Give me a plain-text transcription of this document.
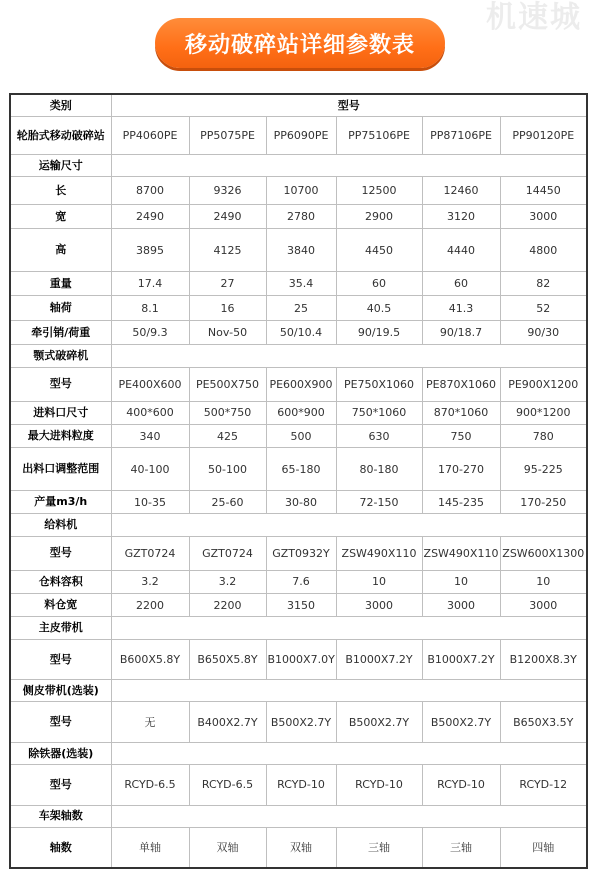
机速城
移动破碎站详细参数表
类别	型号					
轮胎式移动破碎站	PP4060PE	PP5075PE	PP6090PE	PP75106PE	PP87106PE	PP90120PE
运输尺寸						
长	8700	9326	10700	12500	12460	14450
宽	2490	2490	2780	2900	3120	3000
高	3895	4125	3840	4450	4440	4800
重量	17.4	27	35.4	60	60	82
轴荷	8.1	16	25	40.5	41.3	52
牵引销/荷重	50/9.3	Nov-50	50/10.4	90/19.5	90/18.7	90/30
颚式破碎机						
型号	PE400X600	PE500X750	PE600X900	PE750X1060	PE870X1060	PE900X1200
进料口尺寸	400*600	500*750	600*900	750*1060	870*1060	900*1200
最大进料粒度	340	425	500	630	750	780
出料口调整范围	40-100	50-100	65-180	80-180	170-270	95-225
产量m3/h	10-35	25-60	30-80	72-150	145-235	170-250
给料机						
型号	GZT0724	GZT0724	GZT0932Y	ZSW490X110	ZSW490X110	ZSW600X1300
仓料容积	3.2	3.2	7.6	10	10	10
料仓宽	2200	2200	3150	3000	3000	3000
主皮带机						
型号	B600X5.8Y	B650X5.8Y	B1000X7.0Y	B1000X7.2Y	B1000X7.2Y	B1200X8.3Y
侧皮带机(选装)						
型号	无	B400X2.7Y	B500X2.7Y	B500X2.7Y	B500X2.7Y	B650X3.5Y
除铁器(选装)						
型号	RCYD-6.5	RCYD-6.5	RCYD-10	RCYD-10	RCYD-10	RCYD-12
车架轴数						
轴数	单轴	双轴	双轴	三轴	三轴	四轴
